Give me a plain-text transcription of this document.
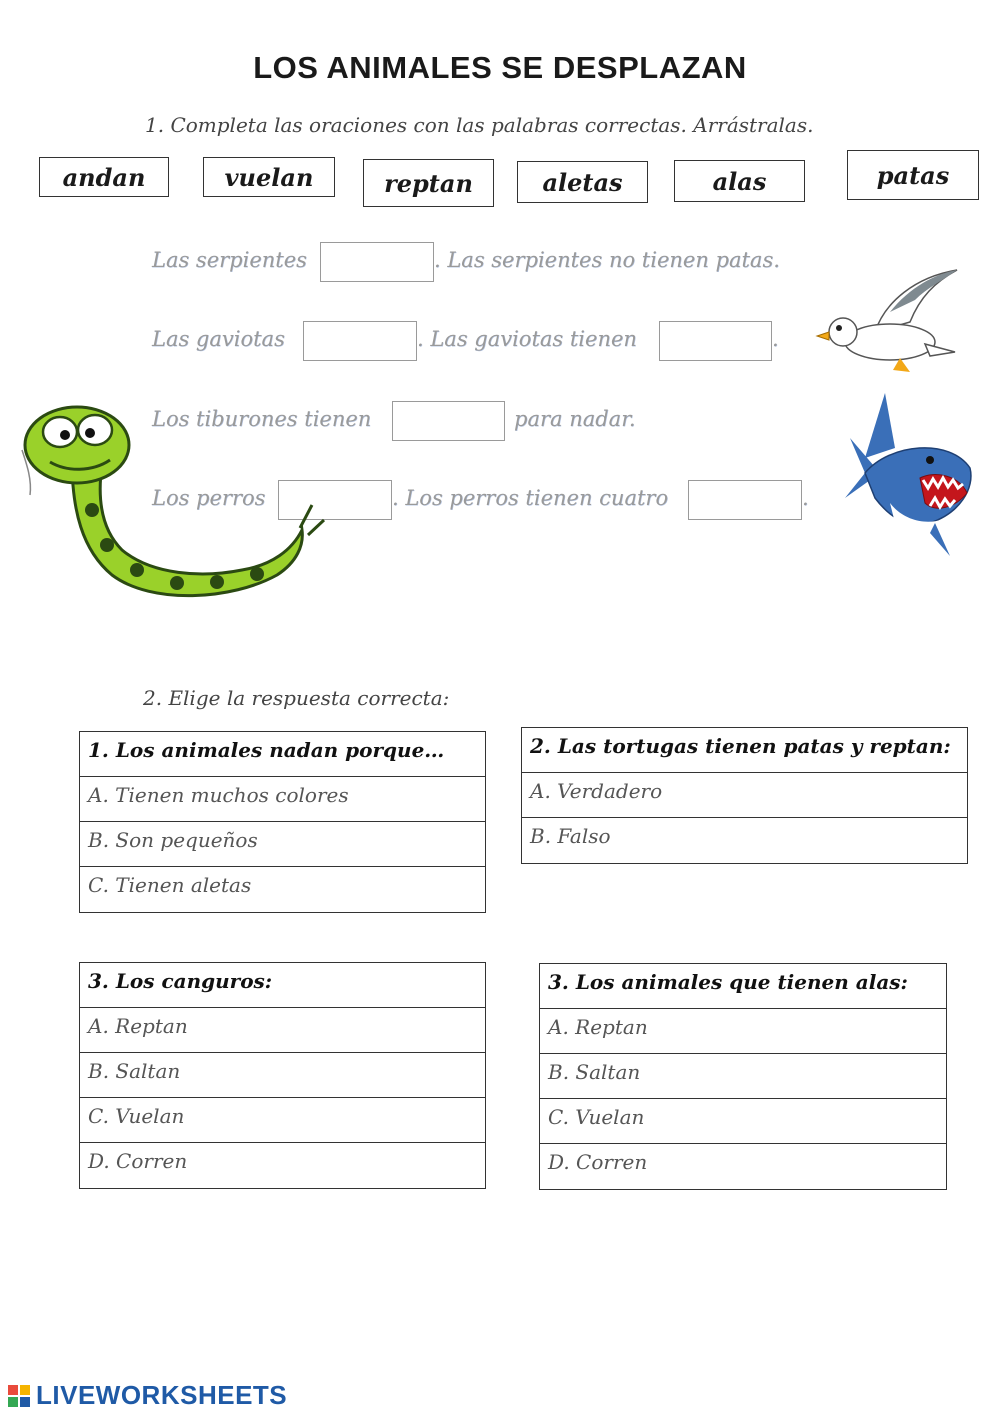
LOS ANIMALES SE DESPLAZAN
1. Completa las oraciones con las palabras correctas. Arrástralas.
andan	vuelan	reptan	aletas	alas	patas
Las serpientes	. Las serpientes no tienen patas.
Las gaviotas	. Las gaviotas tienen	.
Los tiburones tienen	para nadar.
Los perros	. Los perros tienen cuatro	.
2. Elige la respuesta correcta:
1. Los animales nadan porque…
A. Tienen muchos colores
B. Son pequeños
C. Tienen aletas
2. Las tortugas tienen patas y reptan:
A. Verdadero
B. Falso
3. Los canguros:
A. Reptan
B. Saltan
C. Vuelan
D. Corren
3. Los animales que tienen alas:
A. Reptan
B. Saltan
C. Vuelan
D. Corren
LIVEWORKSHEETS
